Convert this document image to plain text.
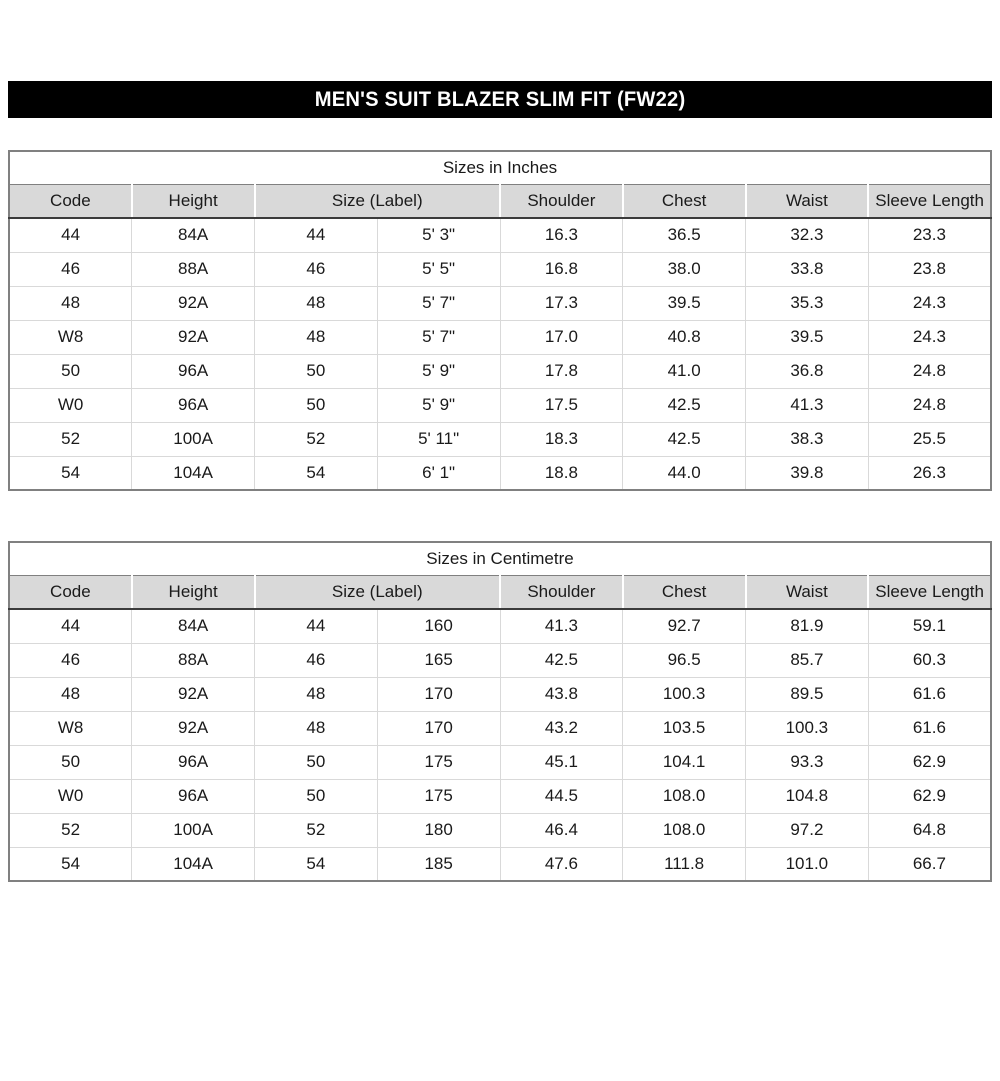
MEN'S SUIT BLAZER SLIM FIT (FW22)
Sizes in Inches							
Code	Height	Size (Label)		Shoulder	Chest	Waist	Sleeve Length
44	84A	44	5' 3"	16.3	36.5	32.3	23.3
46	88A	46	5' 5"	16.8	38.0	33.8	23.8
48	92A	48	5' 7"	17.3	39.5	35.3	24.3
W8	92A	48	5' 7"	17.0	40.8	39.5	24.3
50	96A	50	5' 9"	17.8	41.0	36.8	24.8
W0	96A	50	5' 9"	17.5	42.5	41.3	24.8
52	100A	52	5' 11"	18.3	42.5	38.3	25.5
54	104A	54	6' 1"	18.8	44.0	39.8	26.3
Sizes in Centimetre							
Code	Height	Size (Label)		Shoulder	Chest	Waist	Sleeve Length
44	84A	44	160	41.3	92.7	81.9	59.1
46	88A	46	165	42.5	96.5	85.7	60.3
48	92A	48	170	43.8	100.3	89.5	61.6
W8	92A	48	170	43.2	103.5	100.3	61.6
50	96A	50	175	45.1	104.1	93.3	62.9
W0	96A	50	175	44.5	108.0	104.8	62.9
52	100A	52	180	46.4	108.0	97.2	64.8
54	104A	54	185	47.6	111.8	101.0	66.7
